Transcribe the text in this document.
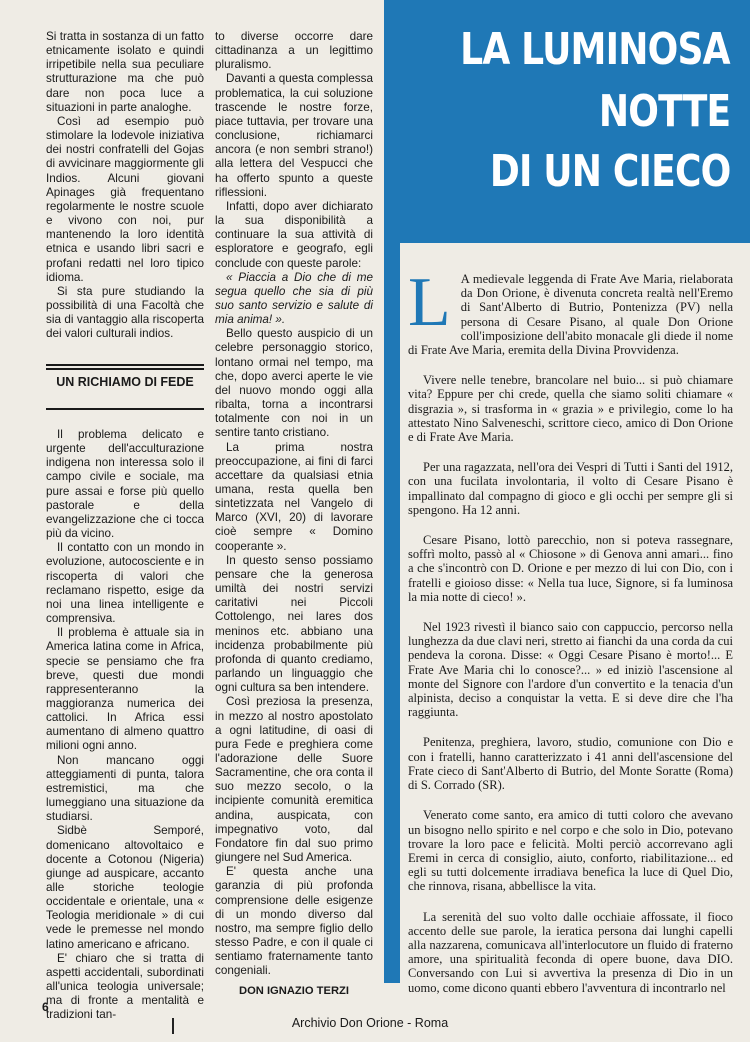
Si tratta in sostanza di un fatto etnicamente isolato e quindi irripetibile nella sua peculiare strutturazione ma che può dare non poca luce a situazioni in parte analoghe.

Così ad esempio può stimolare la lodevole iniziativa dei nostri confratelli del Gojas di avvicinare maggiormente gli Indios. Alcuni giovani Apinages già frequentano regolarmente le nostre scuole e vivono con noi, pur mantenendo la loro identità etnica e usando libri sacri e profani redatti nel loro tipico idioma.

Si sta pure studiando la possibilità di una Facoltà che sia di vantaggio alla riscoperta dei valori culturali indios.

UN RICHIAMO DI FEDE

Il problema delicato e urgente dell'acculturazione indigena non interessa solo il campo civile e sociale, ma pure assai e forse più quello pastorale e della evangelizzazione che ci tocca più da vicino.

Il contatto con un mondo in evoluzione, autocosciente e in riscoperta di valori che reclamano rispetto, esige da noi una linea intelligente e comprensiva.

Il problema è attuale sia in America latina come in Africa, specie se pensiamo che fra breve, questi due mondi rappresenteranno la maggioranza numerica dei cattolici. In Africa essi aumentano di almeno quattro milioni ogni anno.

Non mancano oggi atteggiamenti di punta, talora estremistici, ma che lumeggiano una situazione da studiarsi.

Sidbè Semporé, domenicano altovoltaico e docente a Cotonou (Nigeria) giunge ad auspicare, accanto alle storiche teologie occidentale e orientale, una « Teologia meridionale » di cui vede le premesse nel mondo latino americano e africano.

E' chiaro che si tratta di aspetti accidentali, subordinati all'unica teologia universale; ma di fronte a mentalità e tradizioni tan-

to diverse occorre dare cittadinanza a un legittimo pluralismo.

Davanti a questa complessa problematica, la cui soluzione trascende le nostre forze, piace tuttavia, per trovare una conclusione, richiamarci ancora (e non sembri strano!) alla lettera del Vespucci che ha offerto spunto a queste riflessioni.

Infatti, dopo aver dichiarato la sua disponibilità a continuare la sua attività di esploratore e geografo, egli conclude con queste parole:

« Piaccia a Dio che di me segua quello che sia di più suo santo servizio e salute di mia anima! ».

Bello questo auspicio di un celebre personaggio storico, lontano ormai nel tempo, ma che, dopo averci aperte le vie del nuovo mondo oggi alla ribalta, torna a incontrarsi totalmente con noi in un sentire tanto cristiano.

La prima nostra preoccupazione, ai fini di farci accettare da qualsiasi etnia umana, resta quella ben sintetizzata nel Vangelo di Marco (XVI, 20) di lavorare cioè sempre « Domino cooperante ».

In questo senso possiamo pensare che la generosa umiltà dei nostri servizi caritativi nei Piccoli Cottolengo, nei lares dos meninos etc. abbiano una incidenza probabilmente più profonda di quanto crediamo, parlando un linguaggio che ogni cultura sa ben intendere.

Così preziosa la presenza, in mezzo al nostro apostolato a ogni latitudine, di oasi di pura Fede e preghiera come l'adorazione delle Suore Sacramentine, che ora conta il suo mezzo secolo, o la incipiente comunità eremitica andina, auspicata, con impegnativo voto, dal Fondatore fin dal suo primo giungere nel Sud America.

E' questa anche una garanzia di più profonda comprensione delle esigenze di un mondo diverso dal nostro, ma sempre figlio dello stesso Padre, e con il quale ci sentiamo fraternamente tanto congeniali.

DON IGNAZIO TERZI

LA LUMINOSA
NOTTE
DI UN CIECO

L A medievale leggenda di Frate Ave Maria, rielaborata da Don Orione, è divenuta concreta realtà nell'Eremo di Sant'Alberto di Butrio, Pontenizza (PV) nella persona di Cesare Pisano, al quale Don Orione coll'imposizione dell'abito monacale gli diede il nome di Frate Ave Maria, eremita della Divina Provvidenza.

Vivere nelle tenebre, brancolare nel buio... si può chiamare vita? Eppure per chi crede, quella che siamo soliti chiamare « disgrazia », si trasforma in « grazia » e privilegio, come lo ha attestato Nino Salveneschi, scrittore cieco, amico di Don Orione e di Frate Ave Maria.

Per una ragazzata, nell'ora dei Vespri di Tutti i Santi del 1912, con una fucilata involontaria, il volto di Cesare Pisano è impallinato dal compagno di gioco e gli occhi per sempre gli si spengono. Ha 12 anni.

Cesare Pisano, lottò parecchio, non si poteva rassegnare, soffrì molto, passò al « Chiosone » di Genova anni amari... fino a che s'incontrò con D. Orione e per mezzo di lui con Dio, con i fratelli e gioioso disse: « Nella tua luce, Signore, si fa luminosa la mia notte di cieco! ».

Nel 1923 rivestì il bianco saio con cappuccio, percorso nella lunghezza da due clavi neri, stretto ai fianchi da una corda da cui pendeva la corona. Disse: « Oggi Cesare Pisano è morto!... E Frate Ave Maria chi lo conosce?... » ed iniziò l'ascensione al monte del Signore con l'ardore d'un convertito e la tenacia d'un alpinista, deciso a conquistar la vetta. E si deve dire che l'ha raggiunta.

Penitenza, preghiera, lavoro, studio, comunione con Dio e con i fratelli, hanno caratterizzato i 41 anni dell'ascensione del Frate cieco di Sant'Alberto di Butrio, del Monte Soratte (Roma) di S. Corrado (SR).

Venerato come santo, era amico di tutti coloro che avevano un bisogno nello spirito e nel corpo e che solo in Dio, potevano trovare la loro pace e felicità. Molti perciò accorrevano agli Eremi in cerca di consiglio, aiuto, conforto, riabilitazione... ed egli su tutti dolcemente irradiava benefica la luce di Quel Dio, che rinnova, risana, abbellisce la vita.

La serenità del suo volto dalle occhiaie affossate, il fioco accento delle sue parole, la ieratica persona dai lunghi capelli alla nazzarena, comunicava all'interlocutore un fluido di fraterno amore, una spiritualità feconda di opere buone, dava DIO. Conversando con Lui si avvertiva la presenza di Dio in un uomo, come dicono quanti ebbero l'avventura di incontrarlo nel

6
Archivio Don Orione - Roma
